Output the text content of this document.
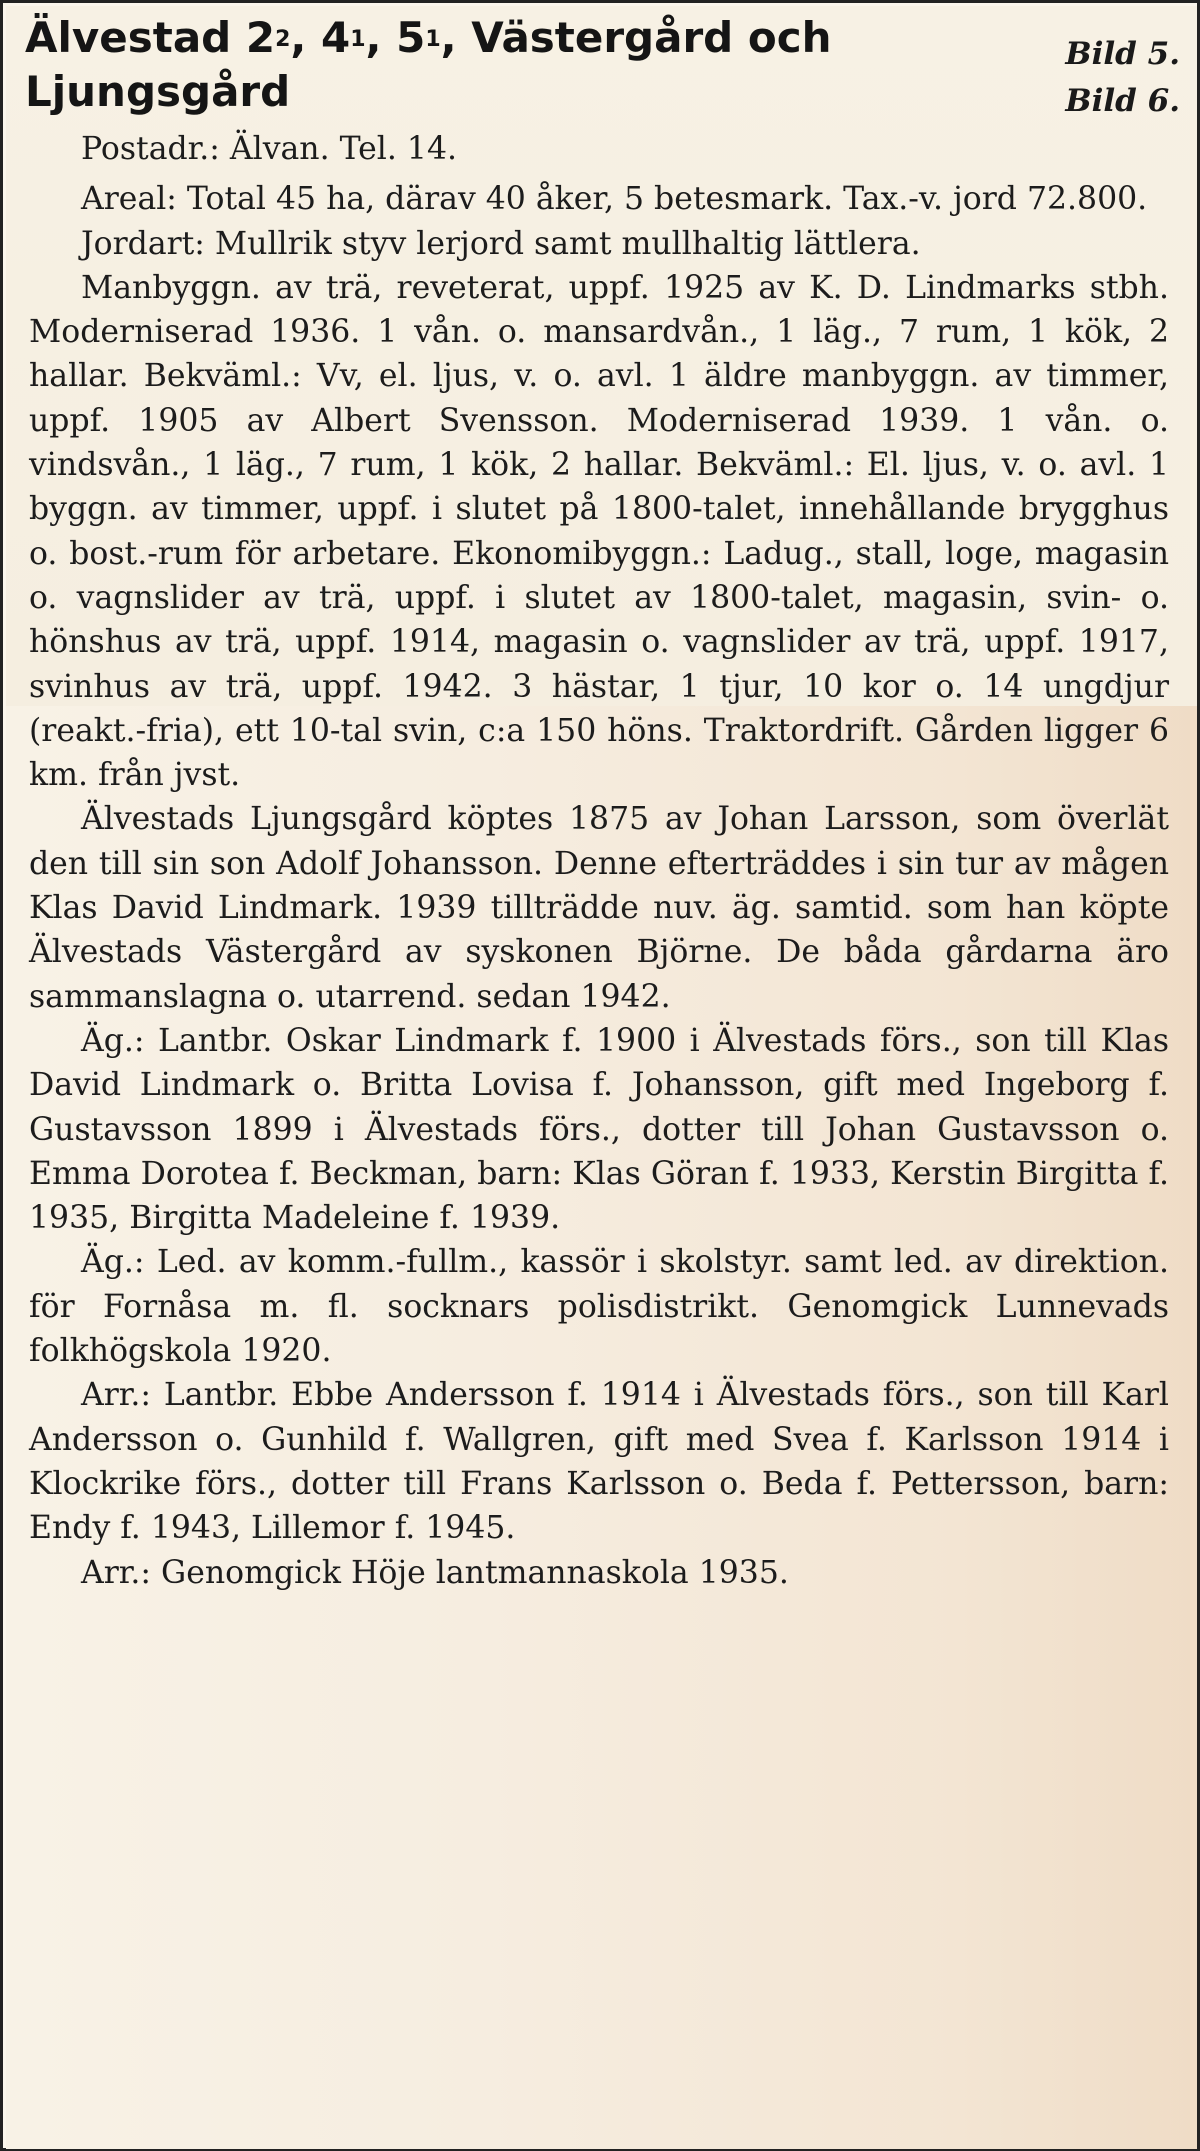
Älvestad $2^2$, $4^1$, $5^1$, Västergård och
Ljungsgård
Bild 5.
Bild 6.

Postadr.: Älvan. Tel. 14.

Areal: Total 45 ha, därav 40 åker, 5 betesmark. Tax.-v. jord 72.800.

Jordart: Mullrik styv lerjord samt mullhaltig lättlera.

Manbyggn. av trä, reveterat, uppf. 1925 av K. D. Lindmarks stbh. Moderniserad 1936. 1 vån. o. mansardvån., 1 läg., 7 rum, 1 kök, 2 hallar. Bekväml.: Vv, el. ljus, v. o. avl. 1 äldre manbyggn. av timmer, uppf. 1905 av Albert Svensson. Moderniserad 1939. 1 vån. o. vindsvån., 1 läg., 7 rum, 1 kök, 2 hallar. Bekväml.: El. ljus, v. o. avl. 1 byggn. av timmer, uppf. i slutet på 1800-talet, innehållande brygghus o. bost.-rum för arbetare. Ekonomibyggn.: Ladug., stall, loge, magasin o. vagnslider av trä, uppf. i slutet av 1800-talet, magasin, svin- o. hönshus av trä, uppf. 1914, magasin o. vagnslider av trä, uppf. 1917, svinhus av trä, uppf. 1942. 3 hästar, 1 tjur, 10 kor o. 14 ungdjur (reakt.-fria), ett 10-tal svin, c:a 150 höns. Traktordrift. Gården ligger 6 km. från jvst.

Älvestads Ljungsgård köptes 1875 av Johan Larsson, som överlät den till sin son Adolf Johansson. Denne efterträddes i sin tur av mågen Klas David Lindmark. 1939 tillträdde nuv. äg. samtid. som han köpte Älvestads Västergård av syskonen Björne. De båda gårdarna äro sammanslagna o. utarrend. sedan 1942.

Äg.: Lantbr. Oskar Lindmark f. 1900 i Älvestads förs., son till Klas David Lindmark o. Britta Lovisa f. Johansson, gift med Ingeborg f. Gustavsson 1899 i Älvestads förs., dotter till Johan Gustavsson o. Emma Dorotea f. Beckman, barn: Klas Göran f. 1933, Kerstin Birgitta f. 1935, Birgitta Madeleine f. 1939.

Äg.: Led. av komm.-fullm., kassör i skolstyr. samt led. av direktion. för Fornåsa m. fl. socknars polisdistrikt. Genomgick Lunnevads folkhögskola 1920.

Arr.: Lantbr. Ebbe Andersson f. 1914 i Älvestads förs., son till Karl Andersson o. Gunhild f. Wallgren, gift med Svea f. Karlsson 1914 i Klockrike förs., dotter till Frans Karlsson o. Beda f. Pettersson, barn: Endy f. 1943, Lillemor f. 1945.

Arr.: Genomgick Höje lantmannaskola 1935.
